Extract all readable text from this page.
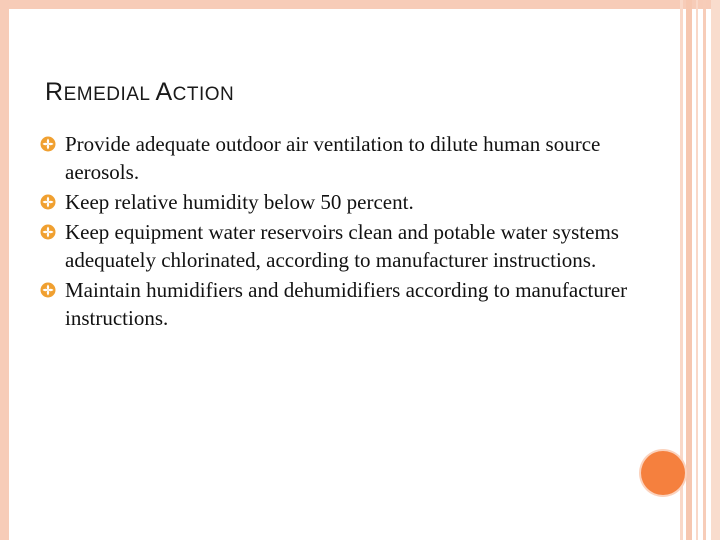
REMEDIAL ACTION
Provide adequate outdoor air ventilation to dilute human source aerosols.
Keep relative humidity below 50 percent.
Keep equipment water reservoirs clean and potable water systems adequately chlorinated, according to manufacturer instructions.
Maintain humidifiers and dehumidifiers according to manufacturer instructions.
